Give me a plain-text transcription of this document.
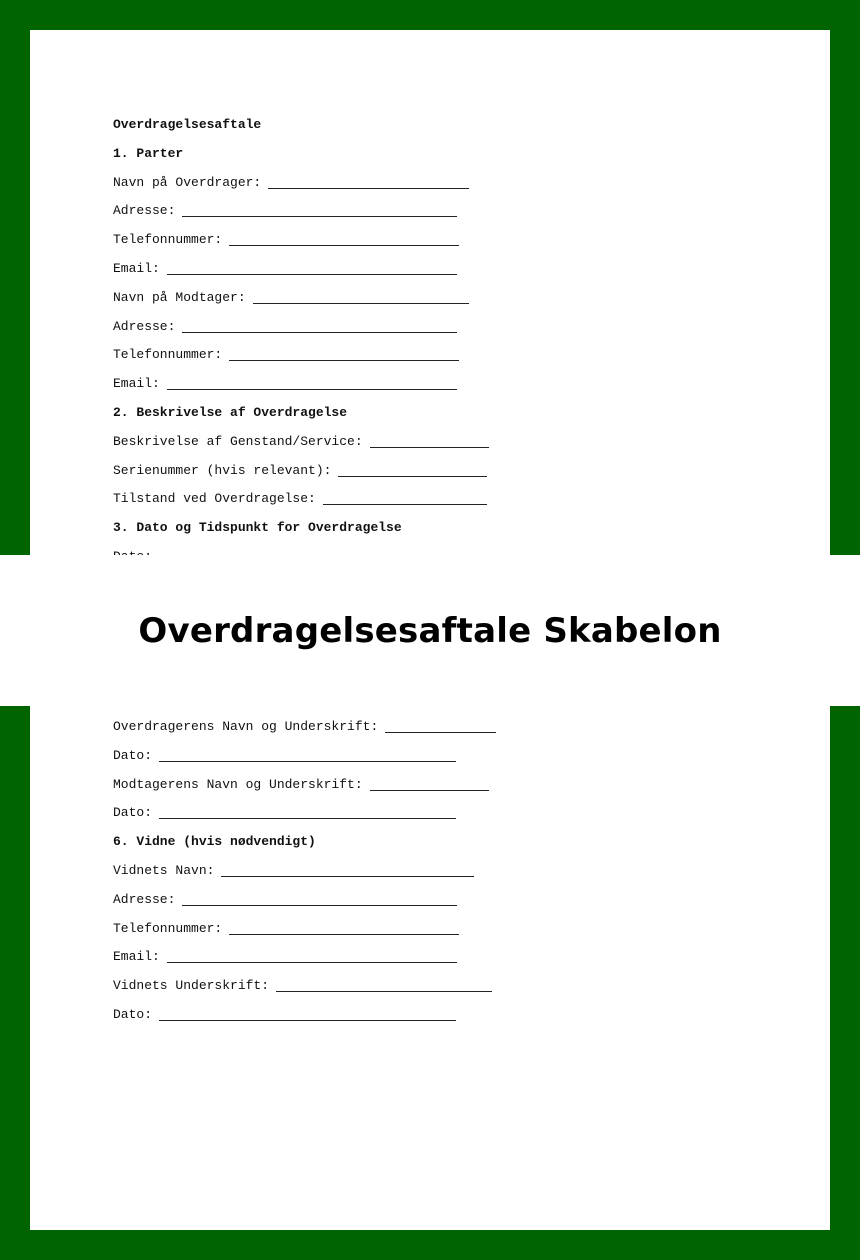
Overdragelsesaftale
1. Parter
Navn på Overdrager:
Adresse:
Telefonnummer:
Email:
Navn på Modtager:
Adresse:
Telefonnummer:
Email:
2. Beskrivelse af Overdragelse
Beskrivelse af Genstand/Service:
Serienummer (hvis relevant):
Tilstand ved Overdragelse:
3. Dato og Tidspunkt for Overdragelse
Overdragelsesaftale Skabelon
Overdragerens Navn og Underskrift:
Dato:
Modtagerens Navn og Underskrift:
Dato:
6. Vidne (hvis nødvendigt)
Vidnets Navn:
Adresse:
Telefonnummer:
Email:
Vidnets Underskrift:
Dato:
